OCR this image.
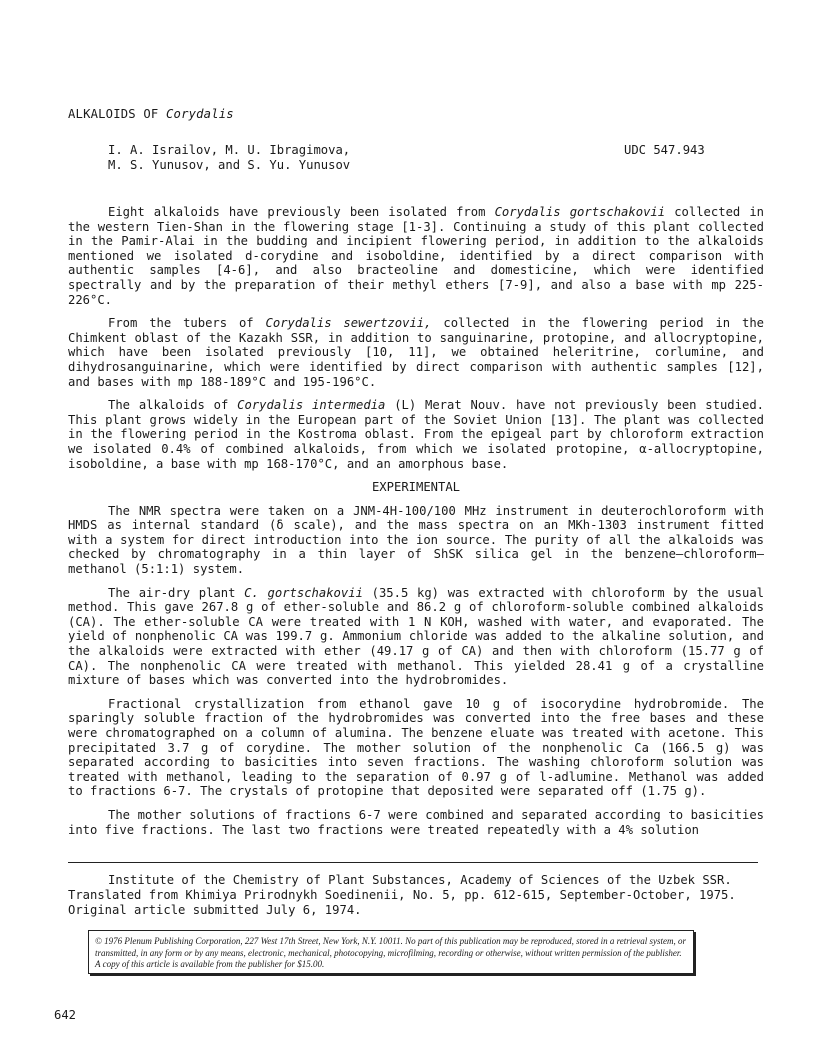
ALKALOIDS OF Corydalis
I. A. Israilov, M. U. Ibragimova,
M. S. Yunusov, and S. Yu. Yunusov
UDC 547.943

Eight alkaloids have previously been isolated from Corydalis gortschakovii collected in the western Tien-Shan in the flowering stage [1-3]. Continuing a study of this plant collected in the Pamir-Alai in the budding and incipient flowering period, in addition to the alkaloids mentioned we isolated d-corydine and isoboldine, identified by a direct comparison with authentic samples [4-6], and also bracteoline and domesticine, which were identified spectrally and by the preparation of their methyl ethers [7-9], and also a base with mp 225-226°C.

From the tubers of Corydalis sewertzovii, collected in the flowering period in the Chimkent oblast of the Kazakh SSR, in addition to sanguinarine, protopine, and allocryptopine, which have been isolated previously [10, 11], we obtained heleritrine, corlumine, and dihydrosanguinarine, which were identified by direct comparison with authentic samples [12], and bases with mp 188-189°C and 195-196°C.

The alkaloids of Corydalis intermedia (L) Merat Nouv. have not previously been studied. This plant grows widely in the European part of the Soviet Union [13]. The plant was collected in the flowering period in the Kostroma oblast. From the epigeal part by chloroform extraction we isolated 0.4% of combined alkaloids, from which we isolated protopine, α-allocryptopine, isoboldine, a base with mp 168-170°C, and an amorphous base.

EXPERIMENTAL

The NMR spectra were taken on a JNM-4H-100/100 MHz instrument in deuterochloroform with HMDS as internal standard (δ scale), and the mass spectra on an MKh-1303 instrument fitted with a system for direct introduction into the ion source. The purity of all the alkaloids was checked by chromatography in a thin layer of ShSK silica gel in the benzene—chloroform—methanol (5:1:1) system.

The air-dry plant C. gortschakovii (35.5 kg) was extracted with chloroform by the usual method. This gave 267.8 g of ether-soluble and 86.2 g of chloroform-soluble combined alkaloids (CA). The ether-soluble CA were treated with 1 N KOH, washed with water, and evaporated. The yield of nonphenolic CA was 199.7 g. Ammonium chloride was added to the alkaline solution, and the alkaloids were extracted with ether (49.17 g of CA) and then with chloroform (15.77 g of CA). The nonphenolic CA were treated with methanol. This yielded 28.41 g of a crystalline mixture of bases which was converted into the hydrobromides.

Fractional crystallization from ethanol gave 10 g of isocorydine hydrobromide. The sparingly soluble fraction of the hydrobromides was converted into the free bases and these were chromatographed on a column of alumina. The benzene eluate was treated with acetone. This precipitated 3.7 g of corydine. The mother solution of the nonphenolic Ca (166.5 g) was separated according to basicities into seven fractions. The washing chloroform solution was treated with methanol, leading to the separation of 0.97 g of l-adlumine. Methanol was added to fractions 6-7. The crystals of protopine that deposited were separated off (1.75 g).

The mother solutions of fractions 6-7 were combined and separated according to basicities into five fractions. The last two fractions were treated repeatedly with a 4% solution

Institute of the Chemistry of Plant Substances, Academy of Sciences of the Uzbek SSR. Translated from Khimiya Prirodnykh Soedinenii, No. 5, pp. 612-615, September-October, 1975. Original article submitted July 6, 1974.
© 1976 Plenum Publishing Corporation, 227 West 17th Street, New York, N.Y. 10011. No part of this publication may be reproduced, stored in a retrieval system, or transmitted, in any form or by any means, electronic, mechanical, photocopying, microfilming, recording or otherwise, without written permission of the publisher. A copy of this article is available from the publisher for $15.00.
642
